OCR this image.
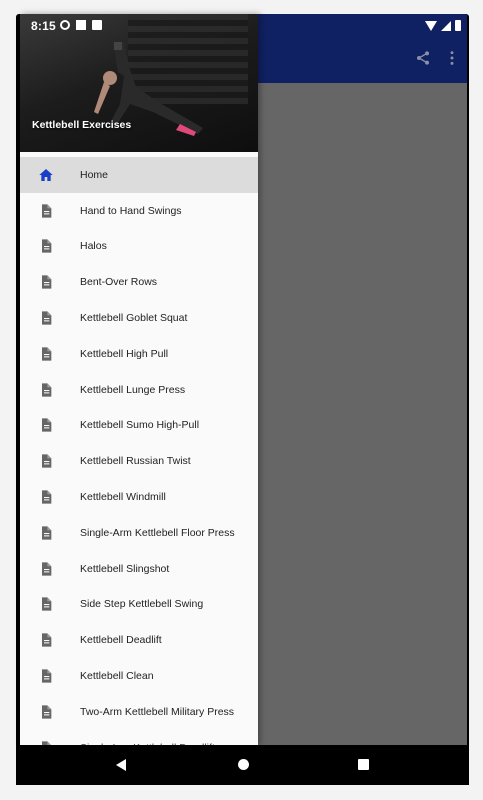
8:15
Kettlebell Exercises
Home
Hand to Hand Swings
Halos
Bent-Over Rows
Kettlebell Goblet Squat
Kettlebell High Pull
Kettlebell Lunge Press
Kettlebell Sumo High-Pull
Kettlebell Russian Twist
Kettlebell Windmill
Single-Arm Kettlebell Floor Press
Kettlebell Slingshot
Side Step Kettlebell Swing
Kettlebell Deadlift
Kettlebell Clean
Two-Arm Kettlebell Military Press
